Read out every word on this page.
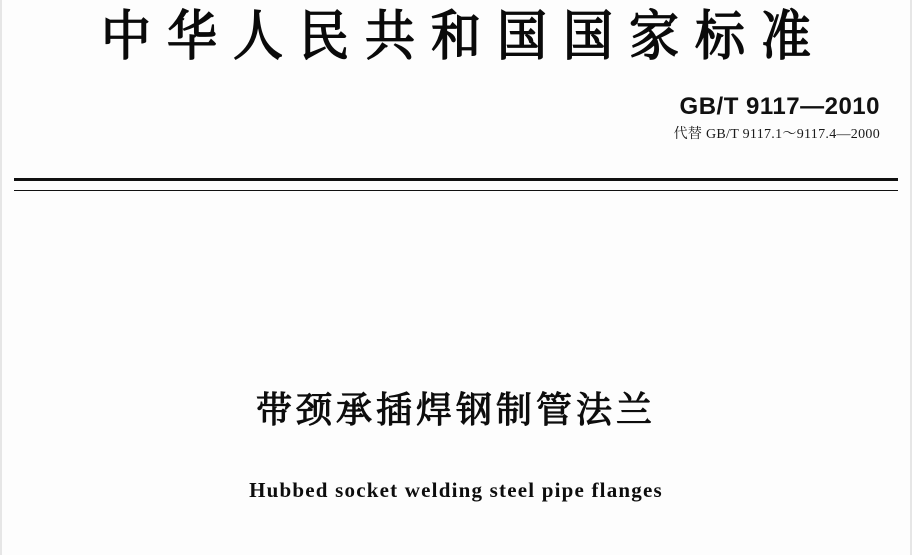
中华人民共和国国家标准
GB/T 9117—2010
代替 GB/T 9117.1～9117.4—2000
带颈承插焊钢制管法兰
Hubbed socket welding steel pipe flanges
